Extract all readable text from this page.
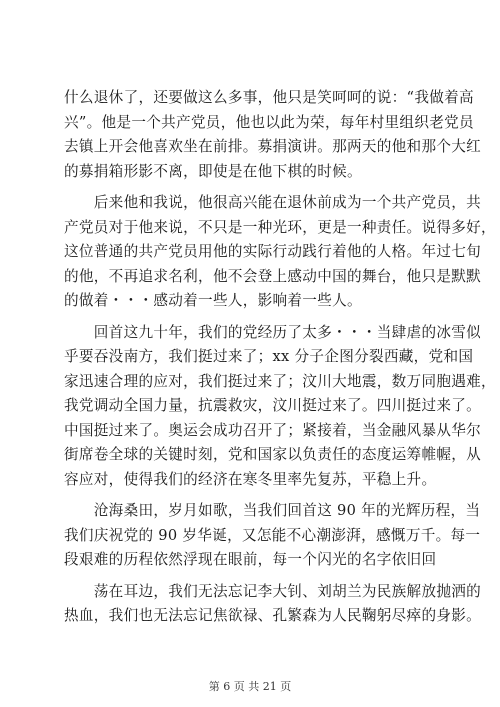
什么退休了，还要做这么多事，他只是笑呵呵的说：“我做着高
兴”。他是一个共产党员，他也以此为荣，每年村里组织老党员
去镇上开会他喜欢坐在前排。募捐演讲。那两天的他和那个大红
的募捐箱形影不离，即使是在他下棋的时候。
　　后来他和我说，他很高兴能在退休前成为一个共产党员，共
产党员对于他来说，不只是一种光环，更是一种责任。说得多好，
这位普通的共产党员用他的实际行动践行着他的人格。年过七旬
的他，不再追求名利，他不会登上感动中国的舞台，他只是默默
的做着・・・感动着一些人，影响着一些人。
　　回首这九十年，我们的党经历了太多・・・当肆虐的冰雪似
乎要吞没南方，我们挺过来了；xx 分子企图分裂西藏，党和国
家迅速合理的应对，我们挺过来了；汶川大地震，数万同胞遇难，
我党调动全国力量，抗震救灾，汶川挺过来了。四川挺过来了。
中国挺过来了。奥运会成功召开了；紧接着，当金融风暴从华尔
街席卷全球的关键时刻，党和国家以负责任的态度运筹帷幄，从
容应对，使得我们的经济在寒冬里率先复苏，平稳上升。
　　沧海桑田，岁月如歌，当我们回首这 90 年的光辉历程，当
我们庆祝党的 90 岁华诞，又怎能不心潮澎湃，感慨万千。每一
段艰难的历程依然浮现在眼前，每一个闪光的名字依旧回
　　荡在耳边，我们无法忘记李大钊、刘胡兰为民族解放抛洒的
热血，我们也无法忘记焦欲禄、孔繁森为人民鞠躬尽瘁的身影。
第 6 页 共 21 页
